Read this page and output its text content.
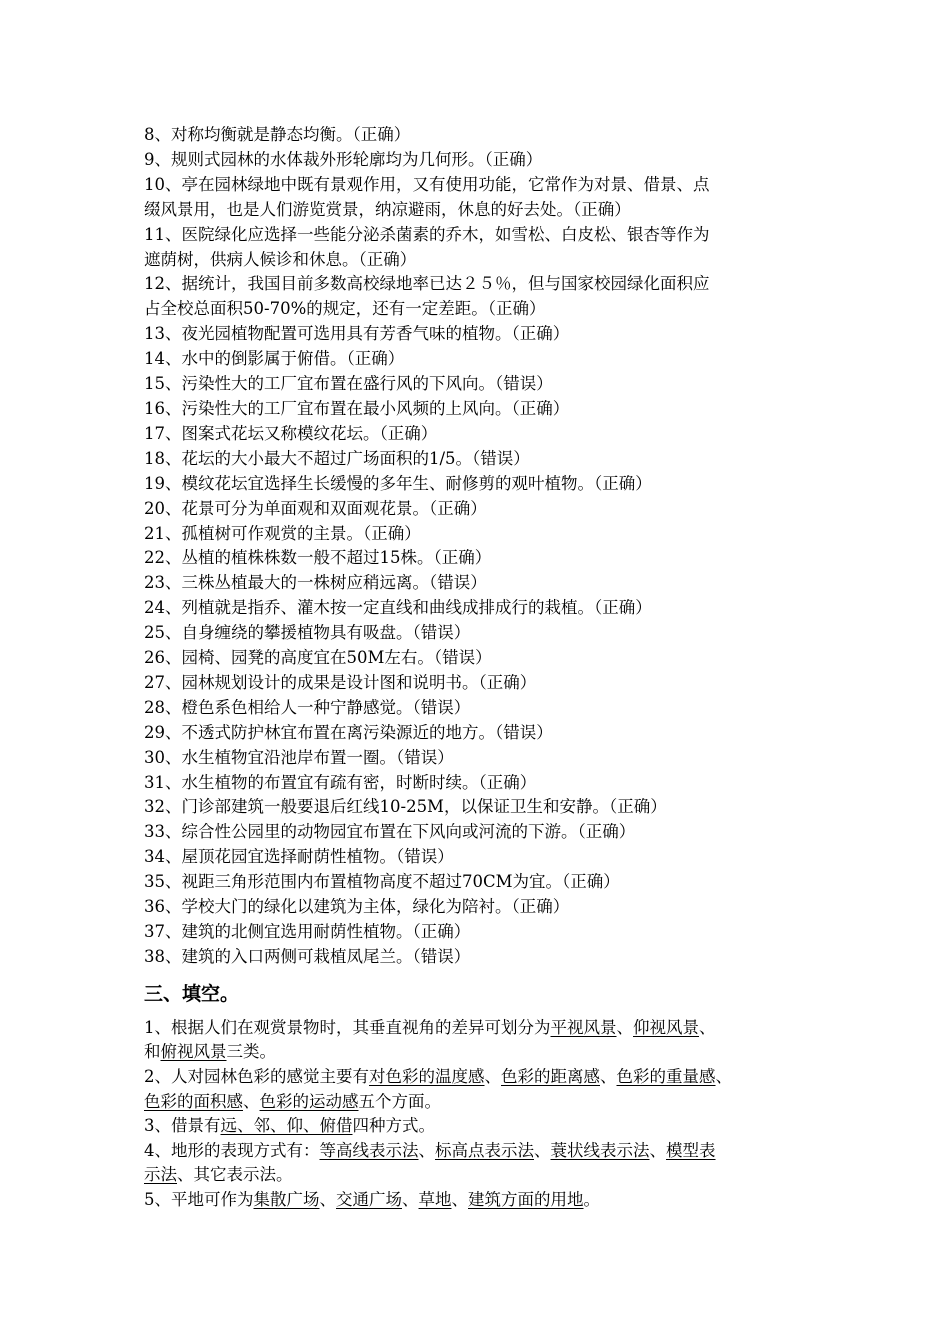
8、对称均衡就是静态均衡。（正确）
9、规则式园林的水体裁外形轮廓均为几何形。（正确）
10、亭在园林绿地中既有景观作用，又有使用功能，它常作为对景、借景、点
缀风景用，也是人们游览赏景，纳凉避雨，休息的好去处。（正确）
11、医院绿化应选择一些能分泌杀菌素的乔木，如雪松、白皮松、银杏等作为
遮荫树，供病人候诊和休息。（正确）
12、据统计，我国目前多数高校绿地率已达２５％，但与国家校园绿化面积应
占全校总面积50-70%的规定，还有一定差距。（正确）
13、夜光园植物配置可选用具有芳香气味的植物。（正确）
14、水中的倒影属于俯借。（正确）
15、污染性大的工厂宜布置在盛行风的下风向。（错误）
16、污染性大的工厂宜布置在最小风频的上风向。（正确）
17、图案式花坛又称模纹花坛。（正确）
18、花坛的大小最大不超过广场面积的1/5。（错误）
19、模纹花坛宜选择生长缓慢的多年生、耐修剪的观叶植物。（正确）
20、花景可分为单面观和双面观花景。（正确）
21、孤植树可作观赏的主景。（正确）
22、丛植的植株株数一般不超过15株。（正确）
23、三株丛植最大的一株树应稍远离。（错误）
24、列植就是指乔、灌木按一定直线和曲线成排成行的栽植。（正确）
25、自身缠绕的攀援植物具有吸盘。（错误）
26、园椅、园凳的高度宜在50M左右。（错误）
27、园林规划设计的成果是设计图和说明书。（正确）
28、橙色系色相给人一种宁静感觉。（错误）
29、不透式防护林宜布置在离污染源近的地方。（错误）
30、水生植物宜沿池岸布置一圈。（错误）
31、水生植物的布置宜有疏有密，时断时续。（正确）
32、门诊部建筑一般要退后红线10-25M，以保证卫生和安静。（正确）
33、综合性公园里的动物园宜布置在下风向或河流的下游。（正确）
34、屋顶花园宜选择耐荫性植物。（错误）
35、视距三角形范围内布置植物高度不超过70CM为宜。（正确）
36、学校大门的绿化以建筑为主体，绿化为陪衬。（正确）
37、建筑的北侧宜选用耐荫性植物。（正确）
38、建筑的入口两侧可栽植凤尾兰。（错误）
三、填空。
1、根据人们在观赏景物时，其垂直视角的差异可划分为平视风景、仰视风景、
和俯视风景三类。
2、人对园林色彩的感觉主要有对色彩的温度感、色彩的距离感、色彩的重量感、
色彩的面积感、色彩的运动感五个方面。
3、借景有远、邻、仰、俯借四种方式。
4、地形的表现方式有：等高线表示法、标高点表示法、蓑状线表示法、模型表
示法、其它表示法。
5、平地可作为集散广场、交通广场、草地、建筑方面的用地。
